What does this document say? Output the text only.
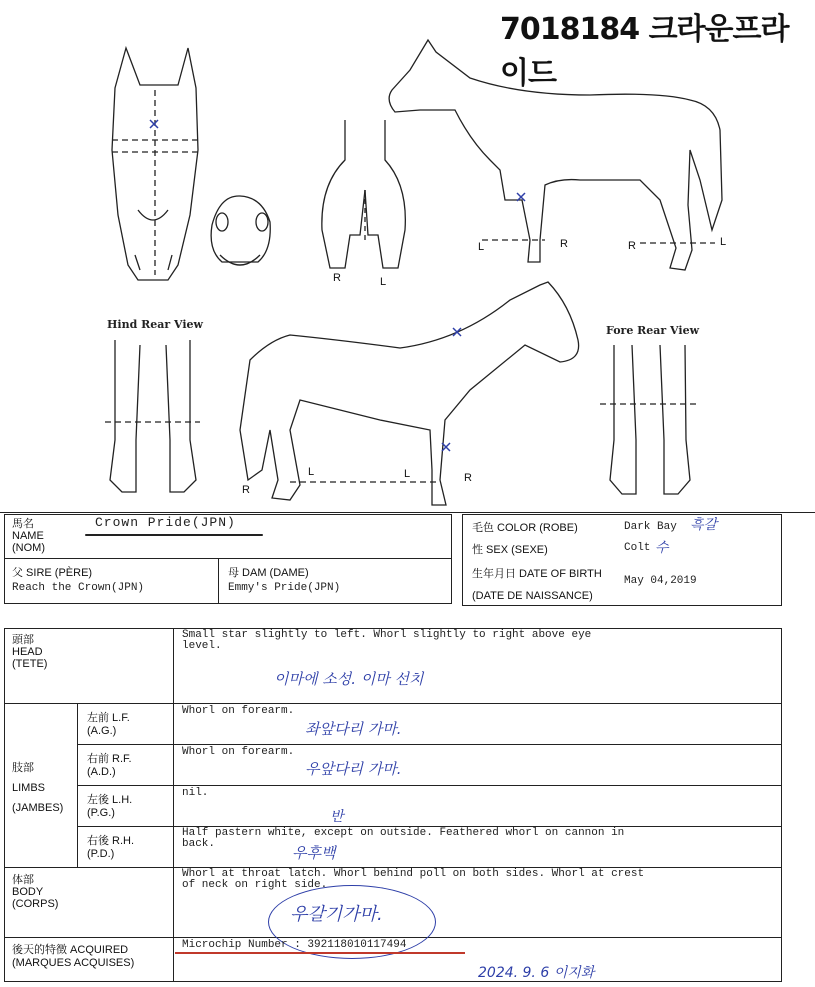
7018184 크라운프라이드
Hind Rear View	Fore Rear View
R	L
L	R	R	L
R
L	L	R
馬名
NAME
(NOM)
Crown Pride(JPN)
父 SIRE (PÈRE)
Reach the Crown(JPN)
母 DAM (DAME)
Emmy's Pride(JPN)
毛色 COLOR (ROBE)	Dark Bay 흑갈
性 SEX (SEXE)	Colt 수
生年月日 DATE OF BIRTH
May 04,2019
(DATE DE NAISSANCE)
頭部
HEAD
(TETE)
Small star slightly to left. Whorl slightly to right above eye level.
이마에 소성. 이마 선치
肢部
LIMBS
(JAMBES)
左前 L.F.
(A.G.)
Whorl on forearm.
좌앞다리 가마.
右前 R.F.
(A.D.)
Whorl on forearm.
우앞다리 가마.
左後 L.H.
(P.G.)
nil.
右後 R.H.
(P.D.)
Half pastern white, except on outside. Feathered whorl on cannon in back.
반
우후백
体部
BODY
(CORPS)
Whorl at throat latch. Whorl behind poll on both sides. Whorl at crest of neck on right side.
우갈기가마.
後天的特徴 ACQUIRED
(MARQUES ACQUISES)
Microchip Number : 392118010117494
2024. 9. 6 이지화
